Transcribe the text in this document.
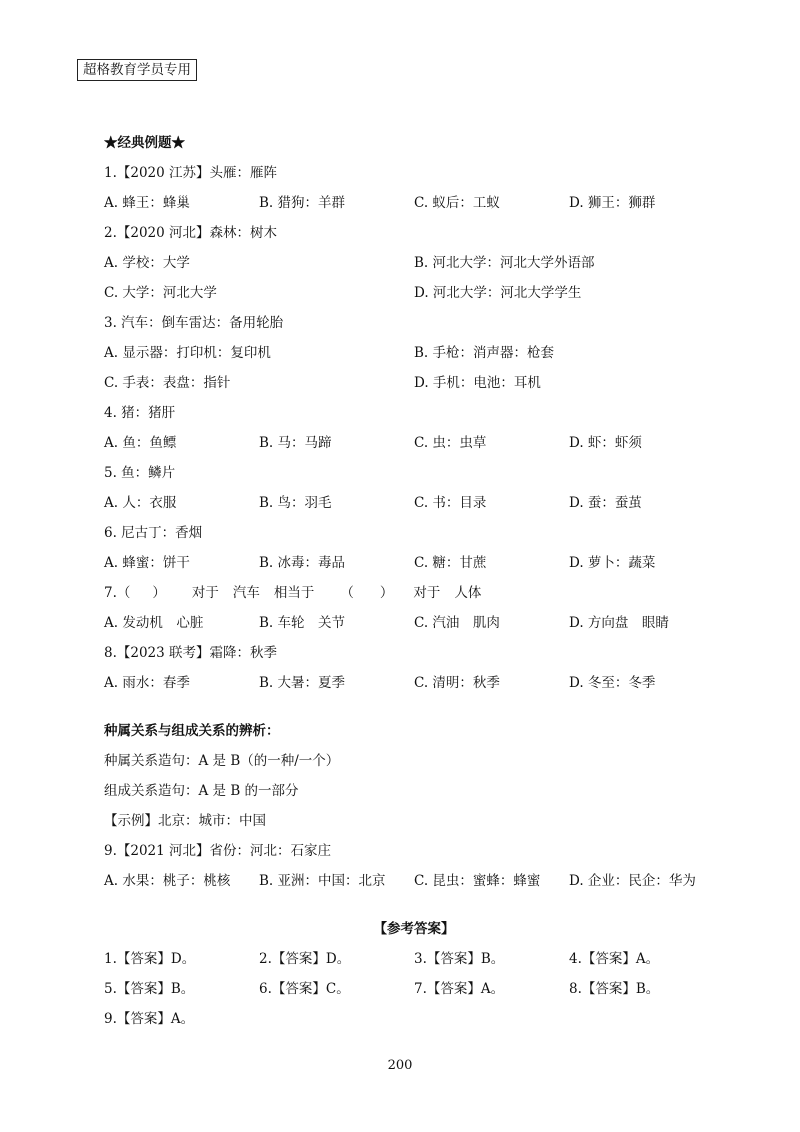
超格教育学员专用
★经典例题★
1.【2020 江苏】头雁：雁阵
A. 蜂王：蜂巢	B. 猎狗：羊群	C. 蚁后：工蚁	D. 狮王：狮群
2.【2020 河北】森林：树木
A. 学校：大学	B. 河北大学：河北大学外语部
C. 大学：河北大学	D. 河北大学：河北大学学生
3. 汽车：倒车雷达：备用轮胎
A. 显示器：打印机：复印机	B. 手枪：消声器：枪套
C. 手表：表盘：指针	D. 手机：电池：耳机
4. 猪：猪肝
A. 鱼：鱼鳔	B. 马：马蹄	C. 虫：虫草	D. 虾：虾须
5. 鱼：鳞片
A. 人：衣服	B. 鸟：羽毛	C. 书：目录	D. 蚕：蚕茧
6. 尼古丁：香烟
A. 蜂蜜：饼干	B. 冰毒：毒品	C. 糖：甘蔗	D. 萝卜：蔬菜
7.（ ） 对于 汽车 相当于 （ ） 对于 人体
A. 发动机　心脏	B. 车轮　关节	C. 汽油　肌肉	D. 方向盘　眼睛
8.【2023 联考】霜降：秋季
A. 雨水：春季	B. 大暑：夏季	C. 清明：秋季	D. 冬至：冬季
种属关系与组成关系的辨析：
种属关系造句：A 是 B（的一种/一个）
组成关系造句：A 是 B 的一部分
【示例】北京：城市：中国
9.【2021 河北】省份：河北：石家庄
A. 水果：桃子：桃核	B. 亚洲：中国：北京	C. 昆虫：蜜蜂：蜂蜜	D. 企业：民企：华为
【参考答案】
1.【答案】D。	2.【答案】D。	3.【答案】B。	4.【答案】A。
5.【答案】B。	6.【答案】C。	7.【答案】A。	8.【答案】B。
9.【答案】A。
200
